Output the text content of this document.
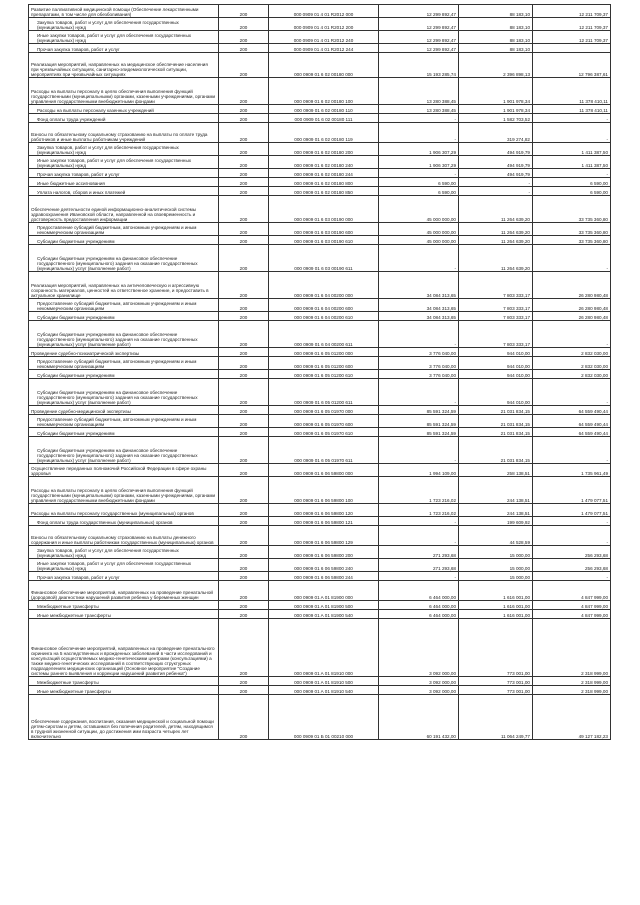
Развитие паллиативной медицинской помощи (Обеспечение лекарственными препаратами, в том числе для обезболивания)	200	000 0909 01 4 01 R2012 000	12 299 892,47	88 183,10	12 211 709,37
Закупка товаров, работ и услуг для обеспечения государственных (муниципальных) нужд	200	000 0909 01 4 01 R2012 200	12 299 892,47	88 183,10	12 211 709,37
Иные закупки товаров, работ и услуг для обеспечения государственных (муниципальных) нужд	200	000 0909 01 4 01 R2012 240	12 299 892,47	88 183,10	12 211 709,37
Прочая закупка товаров, работ и услуг	200	000 0909 01 4 01 R2012 244	12 299 892,47	88 183,10	
Реализация мероприятий, направленных на медицинское обеспечение населения при чрезвычайных ситуациях, санитарно-эпидемиологической ситуации, мероприятиях при чрезвычайных ситуациях	200	000 0909 01 6 02 00180 000	15 193 285,74	2 396 898,13	12 796 387,61
Расходы на выплаты персоналу в целях обеспечения выполнения функций государственными (муниципальными) органами, казенными учреждениями, органами управления государственными внебюджетными фондами	200	000 0909 01 6 02 00180 100	13 280 388,45	1 901 978,34	11 378 410,11
Расходы на выплаты персоналу казенных учреждений	200	000 0909 01 6 02 00180 110	13 280 388,45	1 901 978,34	11 378 410,11
Фонд оплаты труда учреждений	200	000 0909 01 6 02 00180 111	-	1 582 703,52	-
Взносы по обязательному социальному страхованию на выплаты по оплате труда работников и иные выплаты работникам учреждений	200	000 0909 01 6 02 00180 119	-	319 274,82	-
Закупка товаров, работ и услуг для обеспечения государственных (муниципальных) нужд	200	000 0909 01 6 02 00180 200	1 906 307,29	494 919,79	1 411 387,50
Иные закупки товаров, работ и услуг для обеспечения государственных (муниципальных) нужд	200	000 0909 01 6 02 00180 240	1 906 307,29	494 919,79	1 411 387,50
Прочая закупка товаров, работ и услуг	200	000 0909 01 6 02 00180 244	-	494 919,79	-
Иные бюджетные ассигнования	200	000 0909 01 6 02 00180 800	6 590,00	-	6 590,00
Уплата налогов, сборов и иных платежей	200	000 0909 01 6 02 00180 850	6 590,00	-	6 590,00
Обеспечение деятельности единой информационно-аналитической системы здравоохранения Ивановской области, направленной на своевременность и достоверность предоставления информации	200	000 0909 01 6 03 00190 000	45 000 000,00	11 264 639,20	33 735 360,80
Предоставление субсидий бюджетным, автономным учреждениям и иным некоммерческим организациям	200	000 0909 01 6 03 00190 600	45 000 000,00	11 264 639,20	33 735 360,80
Субсидии бюджетным учреждениям	200	000 0909 01 6 03 00190 610	45 000 000,00	11 264 639,20	33 735 360,80
Субсидии бюджетным учреждениям на финансовое обеспечение государственного (муниципального) задания на оказание государственных (муниципальных) услуг (выполнение работ)	200	000 0909 01 6 03 00190 611	-	11 264 639,20	-
Реализация мероприятий, направленных на античеловеческую и агрессивную сохранность материалов, ценностей на ответственное хранение, и предоставить в актуальное хранилище	200	000 0909 01 6 04 00200 000	34 084 313,65	7 803 333,17	26 280 980,48
Предоставление субсидий бюджетным, автономным учреждениям и иным некоммерческим организациям	200	000 0909 01 6 04 00200 600	34 084 313,65	7 803 333,17	26 280 980,48
Субсидии бюджетным учреждениям	200	000 0909 01 6 04 00200 610	34 084 313,65	7 803 333,17	26 280 980,48
Субсидии бюджетным учреждениям на финансовое обеспечение государственного (муниципального) задания на оказание государственных (муниципальных) услуг (выполнение работ)	200	000 0909 01 6 04 00200 611	-	7 803 333,17	-
Проведение судебно-психиатрической экспертизы	200	000 0909 01 6 05 01200 000	3 776 040,00	944 010,00	2 832 030,00
Предоставление субсидий бюджетным, автономным учреждениям и иным некоммерческим организациям	200	000 0909 01 6 05 01200 600	3 776 040,00	944 010,00	2 832 030,00
Субсидии бюджетным учреждениям	200	000 0909 01 6 05 01200 610	3 776 040,00	944 010,00	2 832 030,00
Субсидии бюджетным учреждениям на финансовое обеспечение государственного (муниципального) задания на оказание государственных (муниципальных) услуг (выполнение работ)	200	000 0909 01 6 05 01200 611	-	944 010,00	-
Проведение судебно-медицинской экспертизы	200	000 0909 01 6 05 01970 000	85 591 324,59	21 031 834,15	64 559 490,44
Предоставление субсидий бюджетным, автономным учреждениям и иным некоммерческим организациям	200	000 0909 01 6 05 01970 600	85 591 324,59	21 031 834,15	64 559 490,44
Субсидии бюджетным учреждениям	200	000 0909 01 6 05 01970 610	85 591 324,59	21 031 834,15	64 559 490,44
Субсидии бюджетным учреждениям на финансовое обеспечение государственного (муниципального) задания на оказание государственных (муниципальных) услуг (выполнение работ)	200	000 0909 01 6 05 01970 611	-	21 031 834,15	-
Осуществление переданных полномочий Российской Федерации в сфере охраны здоровья	200	000 0909 01 6 06 59800 000	1 994 109,00	258 138,51	1 735 961,49
Расходы на выплаты персоналу в целях обеспечения выполнения функций государственными (муниципальными) органами, казенными учреждениями, органами управления государственными внебюджетными фондами	200	000 0909 01 6 06 59800 100	1 723 216,02	244 138,51	1 479 077,51
Расходы на выплаты персоналу государственных (муниципальных) органов	200	000 0909 01 6 06 59800 120	1 723 216,02	244 138,51	1 479 077,51
Фонд оплаты труда государственных (муниципальных) органов	200	000 0909 01 6 06 59800 121	-	199 609,92	-
Взносы по обязательному социальному страхованию на выплаты денежного содержания и иные выплаты работникам государственных (муниципальных) органов	200	000 0909 01 6 06 59800 129	-	44 528,59	-
Закупка товаров, работ и услуг для обеспечения государственных (муниципальных) нужд	200	000 0909 01 6 06 59800 200	271 293,68	15 000,00	256 293,68
Иные закупки товаров, работ и услуг для обеспечения государственных (муниципальных) нужд	200	000 0909 01 6 06 59800 240	271 293,68	15 000,00	256 293,68
Прочая закупка товаров, работ и услуг	200	000 0909 01 6 06 59800 244	-	15 000,00	-
Финансовое обеспечение мероприятий, направленных на проведение пренатальной (дородовой) диагностики нарушений развития ребенка у беременных женщин	200	000 0909 01 A 01 81900 000	6 464 000,00	1 616 001,00	4 847 999,00
Межбюджетные трансферты	200	000 0909 01 A 01 81900 500	6 464 000,00	1 616 001,00	4 847 999,00
Иные межбюджетные трансферты	200	000 0909 01 A 01 81900 540	6 464 000,00	1 616 001,00	4 847 999,00
Финансовое обеспечение мероприятий, направленных на проведение пренатального скрининга на 5 наследственных и врожденных заболеваний в части исследований и консультаций осуществляемых медико-генетическими центрами (консультациями) а также медико-генетических исследований в соответствующих структурных подразделениях медицинских организаций (Основное мероприятие "Создание системы раннего выявления и коррекции нарушений развития ребенка")	200	000 0909 01 A 01 81910 000	3 092 000,00	773 001,00	2 318 999,00
Межбюджетные трансферты	200	000 0909 01 A 01 81910 500	3 092 000,00	773 001,00	2 318 999,00
Иные межбюджетные трансферты	200	000 0909 01 A 01 81910 540	3 092 000,00	773 001,00	2 318 999,00
Обеспечение содержания, воспитания, оказания медицинской и социальной помощи детям-сиротам и детям, оставшимся без попечения родителей, детям, находящимся в трудной жизненной ситуации, до достижения ими возраста четырех лет включительно	200	000 0909 01 Б 01 00210 000	60 191 432,00	11 064 249,77	49 127 182,23
